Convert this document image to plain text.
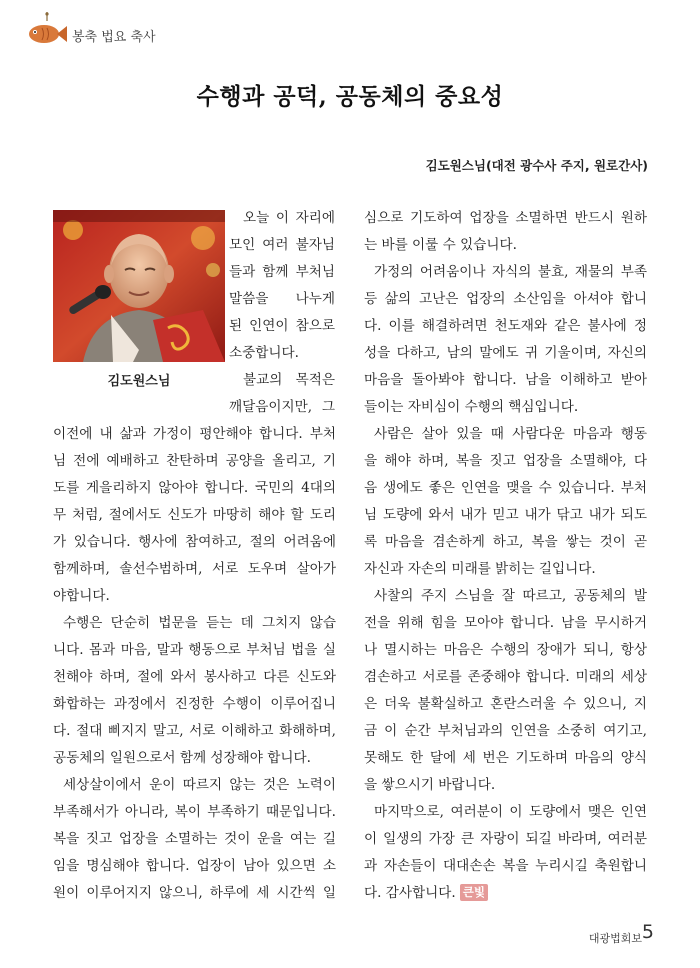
봉축 법요 축사
수행과 공덕, 공동체의 중요성
김도원스님(대전 광수사 주지, 원로간사)
김도원스님
오늘 이 자리에
모인 여러 불자님
들과 함께 부처님
말씀을 나누게
된 인연이 참으로
소중합니다.
불교의 목적은
깨달음이지만, 그
이전에 내 삶과 가정이 평안해야 합니다. 부처
님 전에 예배하고 찬탄하며 공양을 올리고, 기
도를 게을리하지 않아야 합니다. 국민의 4대의
무 처럼, 절에서도 신도가 마땅히 해야 할 도리
가 있습니다. 행사에 참여하고, 절의 어려움에
함께하며, 솔선수범하며, 서로 도우며 살아가
야합니다.
수행은 단순히 법문을 듣는 데 그치지 않습
니다. 몸과 마음, 말과 행동으로 부처님 법을 실
천해야 하며, 절에 와서 봉사하고 다른 신도와
화합하는 과정에서 진정한 수행이 이루어집니
다. 절대 삐지지 말고, 서로 이해하고 화해하며,
공동체의 일원으로서 함께 성장해야 합니다.
세상살이에서 운이 따르지 않는 것은 노력이
부족해서가 아니라, 복이 부족하기 때문입니다.
복을 짓고 업장을 소멸하는 것이 운을 여는 길
임을 명심해야 합니다. 업장이 남아 있으면 소
원이 이루어지지 않으니, 하루에 세 시간씩 일
심으로 기도하여 업장을 소멸하면 반드시 원하
는 바를 이룰 수 있습니다.
가정의 어려움이나 자식의 불효, 재물의 부족
등 삶의 고난은 업장의 소산임을 아셔야 합니
다. 이를 해결하려면 천도재와 같은 불사에 정
성을 다하고, 남의 말에도 귀 기울이며, 자신의
마음을 돌아봐야 합니다. 남을 이해하고 받아
들이는 자비심이 수행의 핵심입니다.
사람은 살아 있을 때 사람다운 마음과 행동
을 해야 하며, 복을 짓고 업장을 소멸해야, 다
음 생에도 좋은 인연을 맺을 수 있습니다. 부처
님 도량에 와서 내가 믿고 내가 닦고 내가 되도
록 마음을 겸손하게 하고, 복을 쌓는 것이 곧
자신과 자손의 미래를 밝히는 길입니다.
사찰의 주지 스님을 잘 따르고, 공동체의 발
전을 위해 힘을 모아야 합니다. 남을 무시하거
나 멸시하는 마음은 수행의 장애가 되니, 항상
겸손하고 서로를 존중해야 합니다. 미래의 세상
은 더욱 불확실하고 혼란스러울 수 있으니, 지
금 이 순간 부처님과의 인연을 소중히 여기고,
못해도 한 달에 세 번은 기도하며 마음의 양식
을 쌓으시기 바랍니다.
마지막으로, 여러분이 이 도량에서 맺은 인연
이 일생의 가장 큰 자랑이 되길 바라며, 여러분
과 자손들이 대대손손 복을 누리시길 축원합니
다. 감사합니다. 큰빛
대광법회보 5
